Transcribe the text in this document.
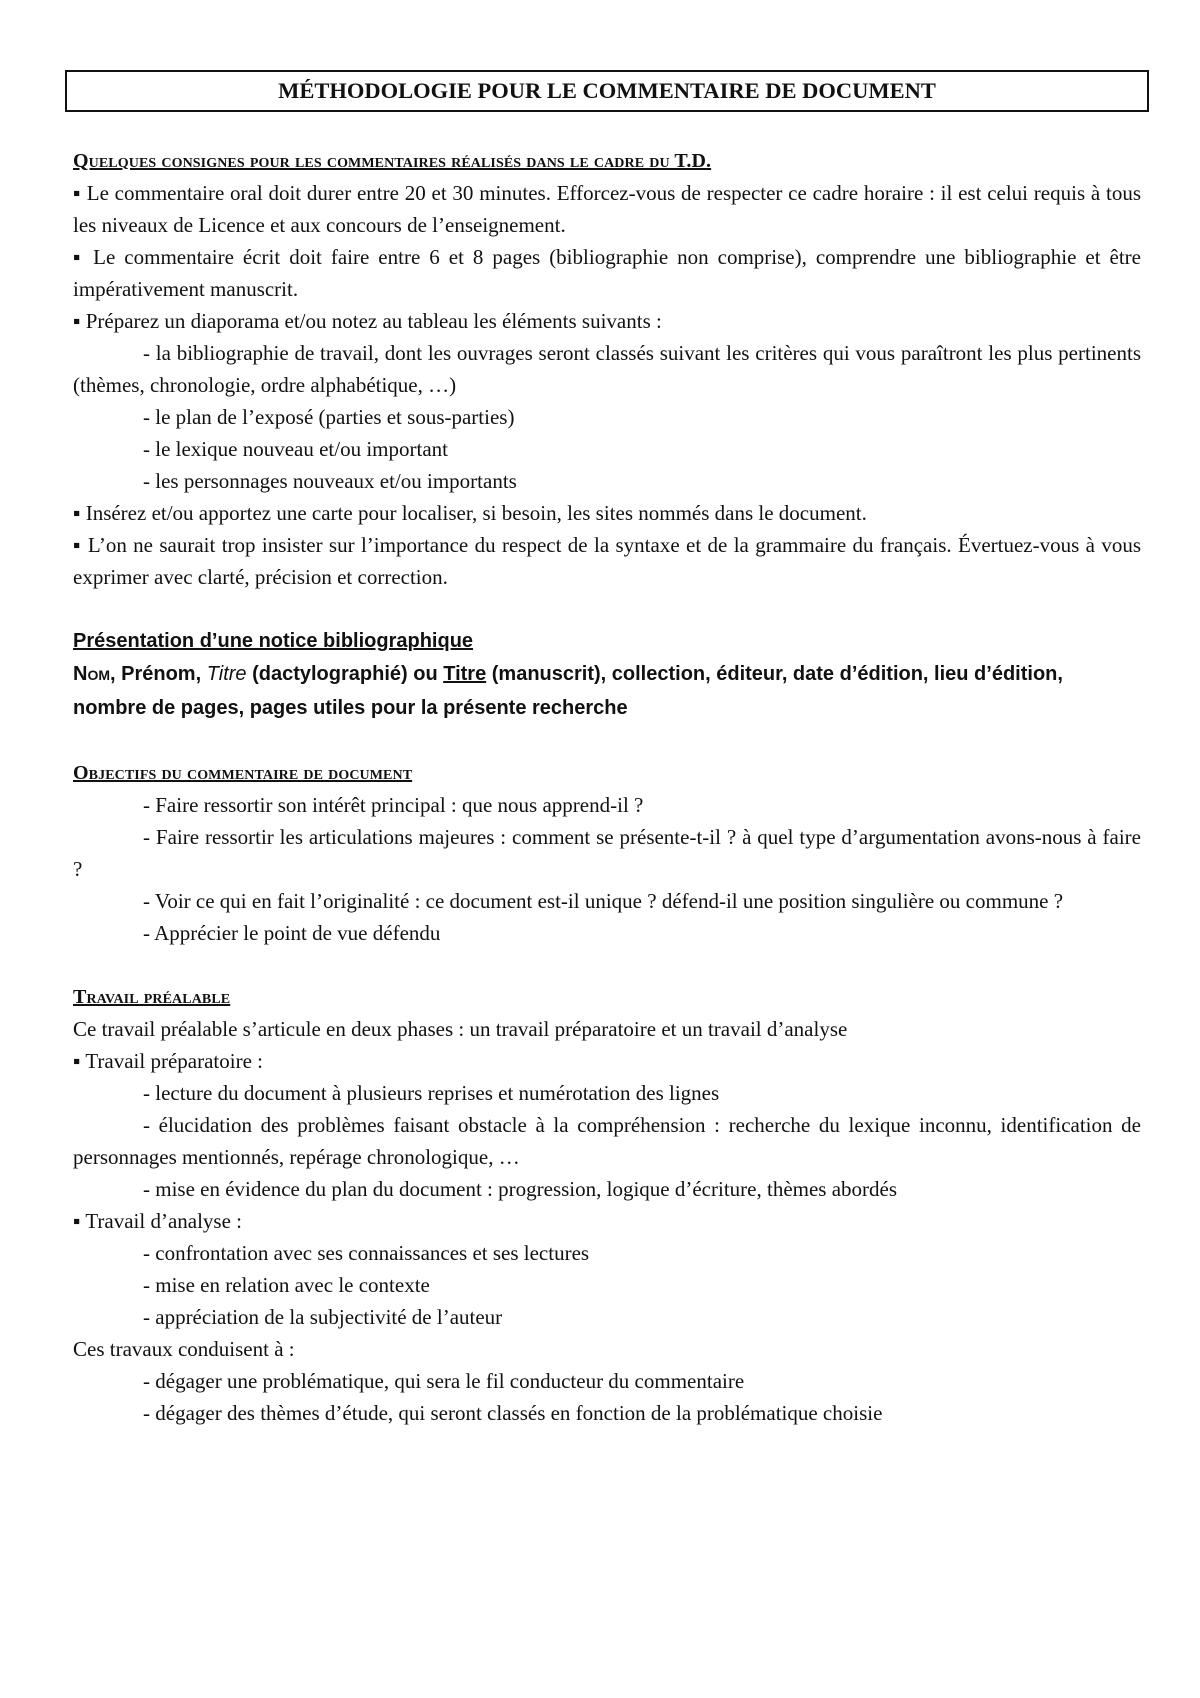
MÉTHODOLOGIE POUR LE COMMENTAIRE DE DOCUMENT
Quelques consignes pour les commentaires réalisés dans le cadre du T.D.
▪ Le commentaire oral doit durer entre 20 et 30 minutes. Efforcez-vous de respecter ce cadre horaire : il est celui requis à tous les niveaux de Licence et aux concours de l’enseignement.
▪ Le commentaire écrit doit faire entre 6 et 8 pages (bibliographie non comprise), comprendre une bibliographie et être impérativement manuscrit.
▪ Préparez un diaporama et/ou notez au tableau les éléments suivants :
- la bibliographie de travail, dont les ouvrages seront classés suivant les critères qui vous paraîtront les plus pertinents (thèmes, chronologie, ordre alphabétique, …)
- le plan de l’exposé (parties et sous-parties)
- le lexique nouveau et/ou important
- les personnages nouveaux et/ou importants
▪ Insérez et/ou apportez une carte pour localiser, si besoin, les sites nommés dans le document.
▪ L’on ne saurait trop insister sur l’importance du respect de la syntaxe et de la grammaire du français. Évertuez-vous à vous exprimer avec clarté, précision et correction.
Présentation d’une notice bibliographique
Nom, Prénom, Titre (dactylographié) ou Titre (manuscrit), collection, éditeur, date d’édition, lieu d’édition, nombre de pages, pages utiles pour la présente recherche
Objectifs du commentaire de document
- Faire ressortir son intérêt principal : que nous apprend-il ?
- Faire ressortir les articulations majeures : comment se présente-t-il ? à quel type d’argumentation avons-nous à faire ?
- Voir ce qui en fait l’originalité : ce document est-il unique ? défend-il une position singulière ou commune ?
- Apprécier le point de vue défendu
Travail préalable
Ce travail préalable s’articule en deux phases : un travail préparatoire et un travail d’analyse
▪ Travail préparatoire :
- lecture du document à plusieurs reprises et numérotation des lignes
- élucidation des problèmes faisant obstacle à la compréhension : recherche du lexique inconnu, identification de personnages mentionnés, repérage chronologique, …
- mise en évidence du plan du document : progression, logique d’écriture, thèmes abordés
▪ Travail d’analyse :
- confrontation avec ses connaissances et ses lectures
- mise en relation avec le contexte
- appréciation de la subjectivité de l’auteur
Ces travaux conduisent à :
- dégager une problématique, qui sera le fil conducteur du commentaire
- dégager des thèmes d’étude, qui seront classés en fonction de la problématique choisie
